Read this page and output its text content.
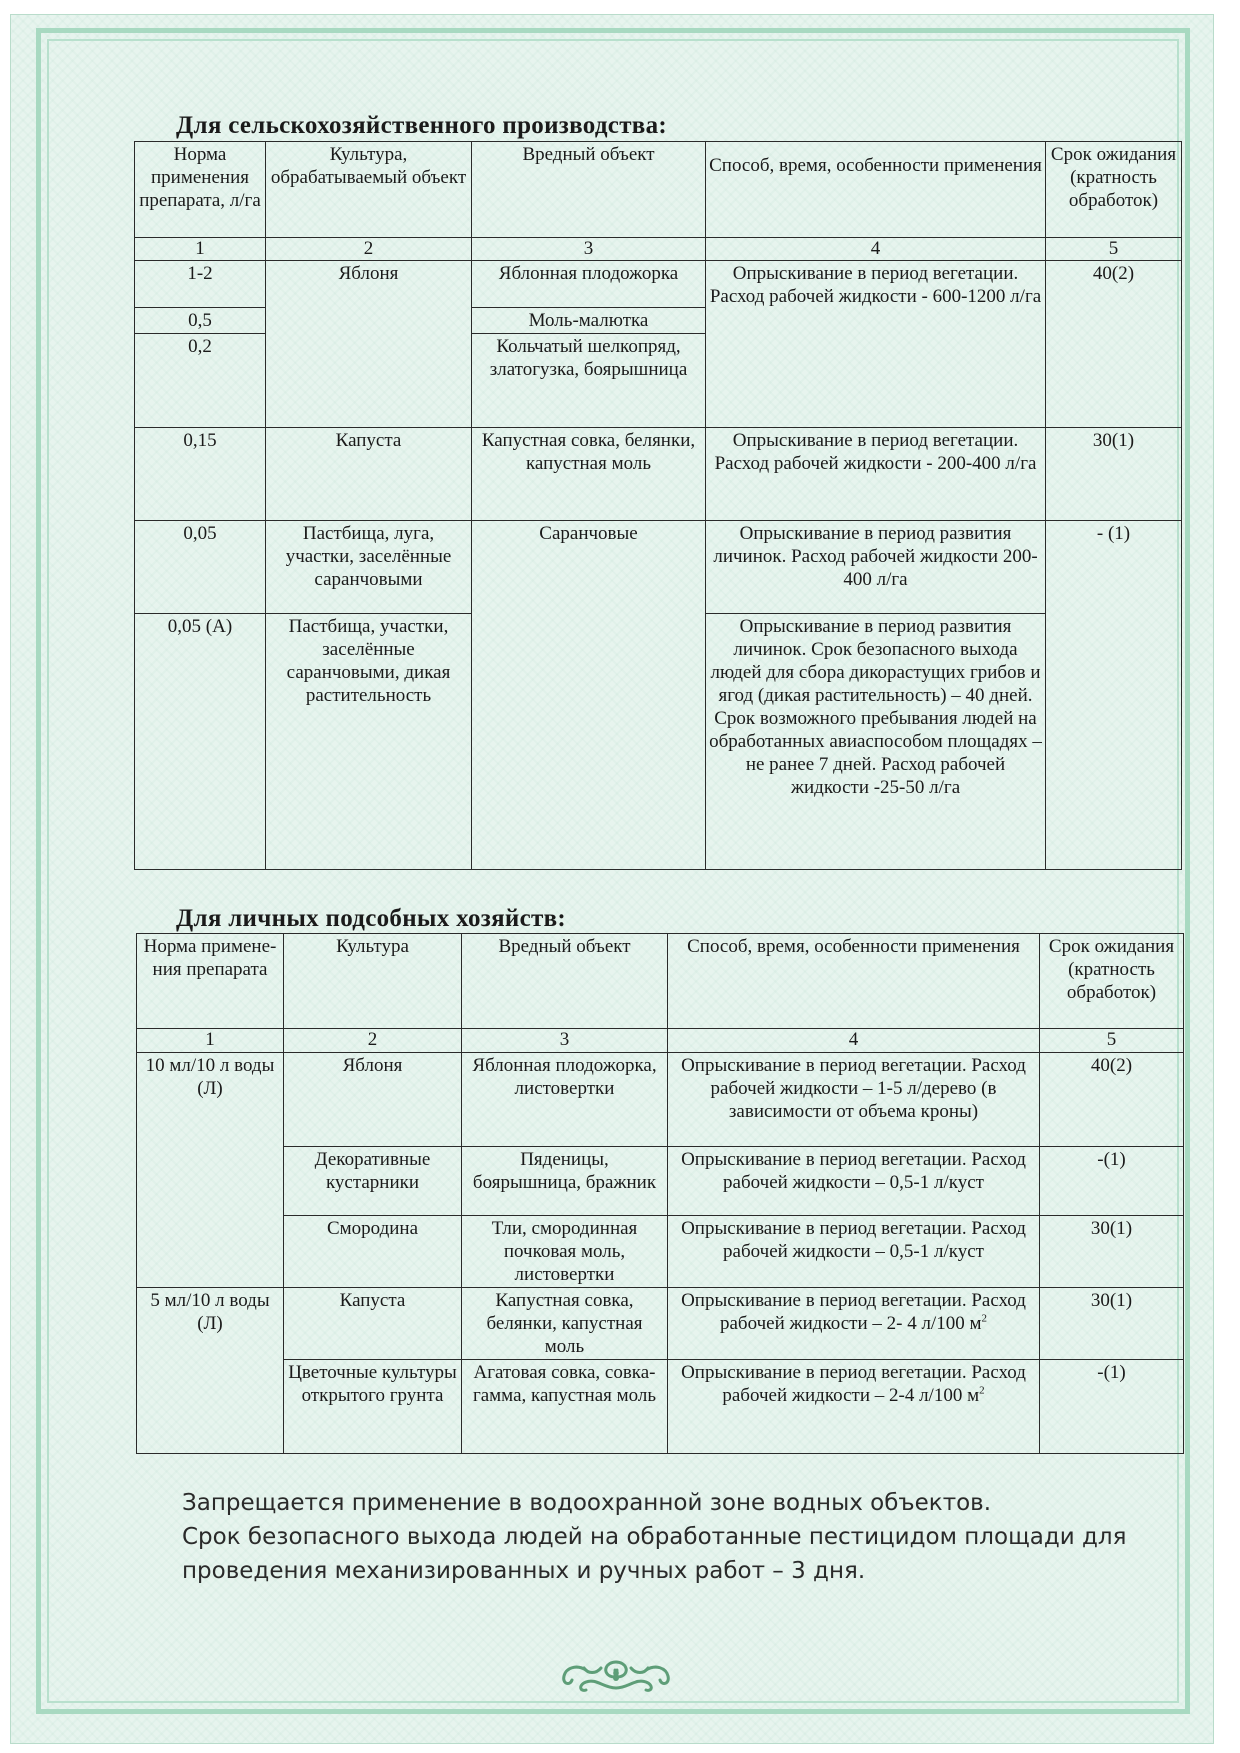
Для сельскохозяйственного производства:
Норма применения препарата, л/га	Культура, обрабатываемый объект	Вредный объект	Способ, время, особенности применения	Срок ожидания (кратность обработок)
1	2	3	4	5
1-2	Яблоня	Яблонная плодожорка	Опрыскивание в период вегетации. Расход рабочей жидкости - 600-1200 л/га	40(2)
0,5		Моль-малютка		
0,2		Кольчатый шелкопряд, златогузка, боярышница		
0,15	Капуста	Капустная совка, белянки, капустная моль	Опрыскивание в период вегетации. Расход рабочей жидкости - 200-400 л/га	30(1)
0,05	Пастбища, луга, участки, заселённые саранчовыми	Саранчовые	Опрыскивание в период развития личинок. Расход рабочей жидкости 200-400 л/га	- (1)
0,05 (А)	Пастбища, участки, заселённые саранчовыми, дикая растительность		Опрыскивание в период развития личинок. Срок безопасного выхода людей для сбора дикорастущих грибов и ягод (дикая растительность) – 40 дней. Срок возможного пребывания людей на обработанных авиаспособом площадях – не ранее 7 дней. Расход рабочей жидкости -25-50 л/га	
Для личных подсобных хозяйств:
Норма примене-ния препарата	Культура	Вредный объект	Способ, время, особенности применения	Срок ожидания (кратность обработок)
1	2	3	4	5
10 мл/10 л воды (Л)	Яблоня	Яблонная плодожорка, листовертки	Опрыскивание в период вегетации. Расход рабочей жидкости – 1-5 л/дерево (в зависимости от объема кроны)	40(2)
	Декоративные кустарники	Пяденицы, боярышница, бражник	Опрыскивание в период вегетации. Расход рабочей жидкости – 0,5-1 л/куст	-(1)
	Смородина	Тли, смородинная почковая моль, листовертки	Опрыскивание в период вегетации. Расход рабочей жидкости – 0,5-1 л/куст	30(1)
5 мл/10 л воды (Л)	Капуста	Капустная совка, белянки, капустная моль	Опрыскивание в период вегетации. Расход рабочей жидкости – 2- 4 л/100 $м^2$	30(1)
	Цветочные культуры открытого грунта	Агатовая совка, совка-гамма, капустная моль	Опрыскивание в период вегетации. Расход рабочей жидкости – 2-4 л/100 $м^2$	-(1)
Запрещается применение в водоохранной зоне водных объектов.
Срок безопасного выхода людей на обработанные пестицидом площади для проведения механизированных и ручных работ – 3 дня.
